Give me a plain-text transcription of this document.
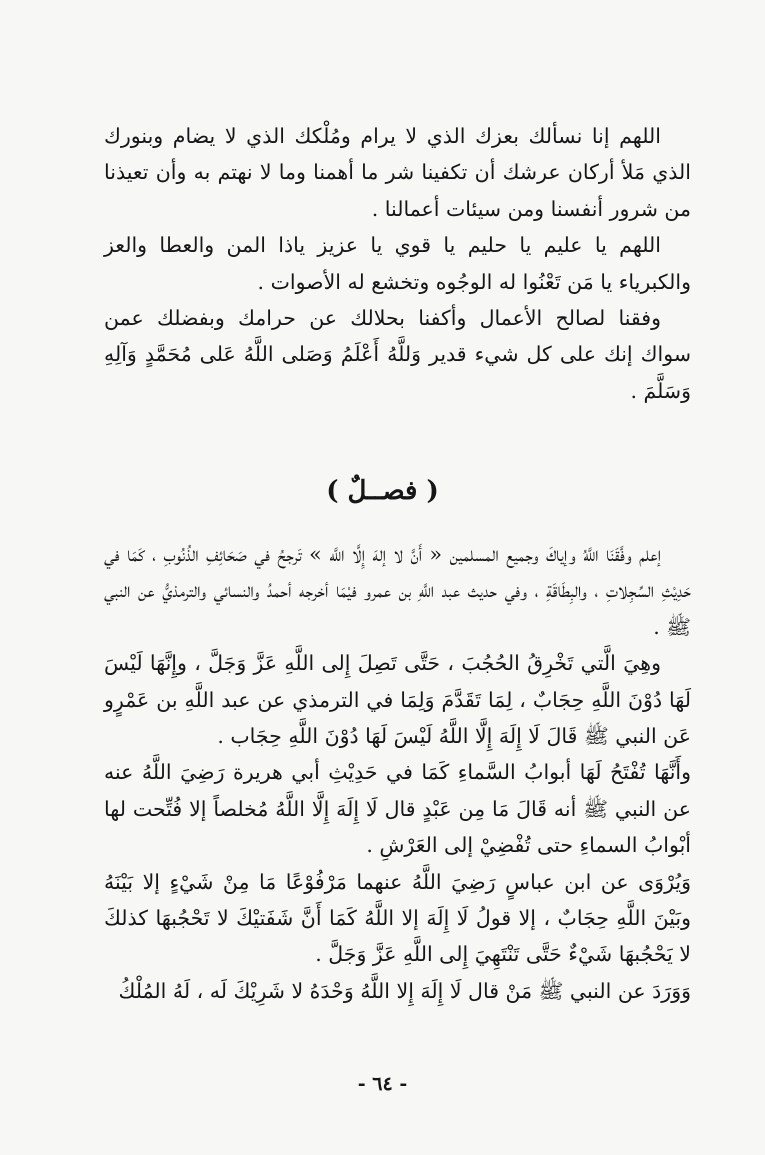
اللهم إنا نسألك بعزك الذي لا يرام ومُلْكك الذي لا يضام وبنورك الذي مَلأ أركان عرشك أن تكفينا شر ما أهمنا وما لا نهتم به وأن تعيذنا من شرور أنفسنا ومن سيئات أعمالنا .

اللهم يا عليم يا حليم يا قوي يا عزيز ياذا المن والعطا والعز والكبرياء يا مَن تَعْنُوا له الوجُوه وتخشع له الأصوات .

وفقنا لصالح الأعمال وأكفنا بحلالك عن حرامك وبفضلك عمن سواك إنك على كل شيء قدير وَللَّهُ أَعْلَمُ وَصَلى اللَّهُ عَلى مُحَمَّدٍ وَآلِهِ وَسَلَّمَ .

( فصــلٌ )

إعلم وفَّقَنَا اللَّهُ وإياكَ وجميع المسلمين « أَنَّ لا إلهَ إِلَّا اللَّه » تَرجحُ في صَحَائِفِ الذُنُوبِ ، كَمَا في حَدِيْثِ السِّجِلاتِ ، والبِطَاقَةِ ، وفي حديث عبد اللَّهِ بن عمرو فيْمَا أخرجه أحمدُ والنسائي والترمذيُّ عن النبي ﷺ .

وهِيَ الَّتي تَخْرِقُ الحُجُبَ ، حَتَّى تَصِلَ إِلى اللَّهِ عَزَّ وَجَلَّ ، وإِنَّهَا لَيْسَ لَهَا دُوْنَ اللَّهِ حِجَابٌ ، لِمَا تَقَدَّمَ وَلِمَا في الترمذي عن عبد اللَّهِ بن عَمْرٍو عَن النبي ﷺ قَالَ لَا إِلَهَ إِلَّا اللَّهُ لَيْسَ لَهَا دُوْنَ اللَّهِ حِجَاب .

وأَنَّهَا تُفْتَحُ لَهَا أبوابُ السَّماءِ كَمَا في حَدِيْثِ أبي هريرة رَضِيَ اللَّهُ عنه عن النبي ﷺ أنه قَالَ مَا مِن عَبْدٍ قال لَا إِلَهَ إِلَّا اللَّهُ مُخلصاً إلا فُتِّحت لها أبْوابُ السماءِ حتى تُفْضِيْ إلى العَرْشِ .

وَيُرْوَى عن ابن عباسٍ رَضِيَ اللَّهُ عنهما مَرْفُوْعًا مَا مِنْ شَيْءٍ إلا بَيْنَهُ وبَيْنَ اللَّهِ حِجَابٌ ، إلا قولُ لَا إِلَهَ إلا اللَّهُ كَمَا أَنَّ شَفَتيْكَ لا تَحْجُبهَا كذلكَ لا يَحْجُبهَا شَيْءٌ حَتَّى تَنْتَهِيَ إِلى اللَّهِ عَزَّ وَجَلَّ .

وَوَرَدَ عن النبي ﷺ مَنْ قال لَا إِلَهَ إِلا اللَّهُ وَحْدَهُ لا شَرِيْكَ لَه ، لَهُ المُلْكُ

- ٦٤ -
